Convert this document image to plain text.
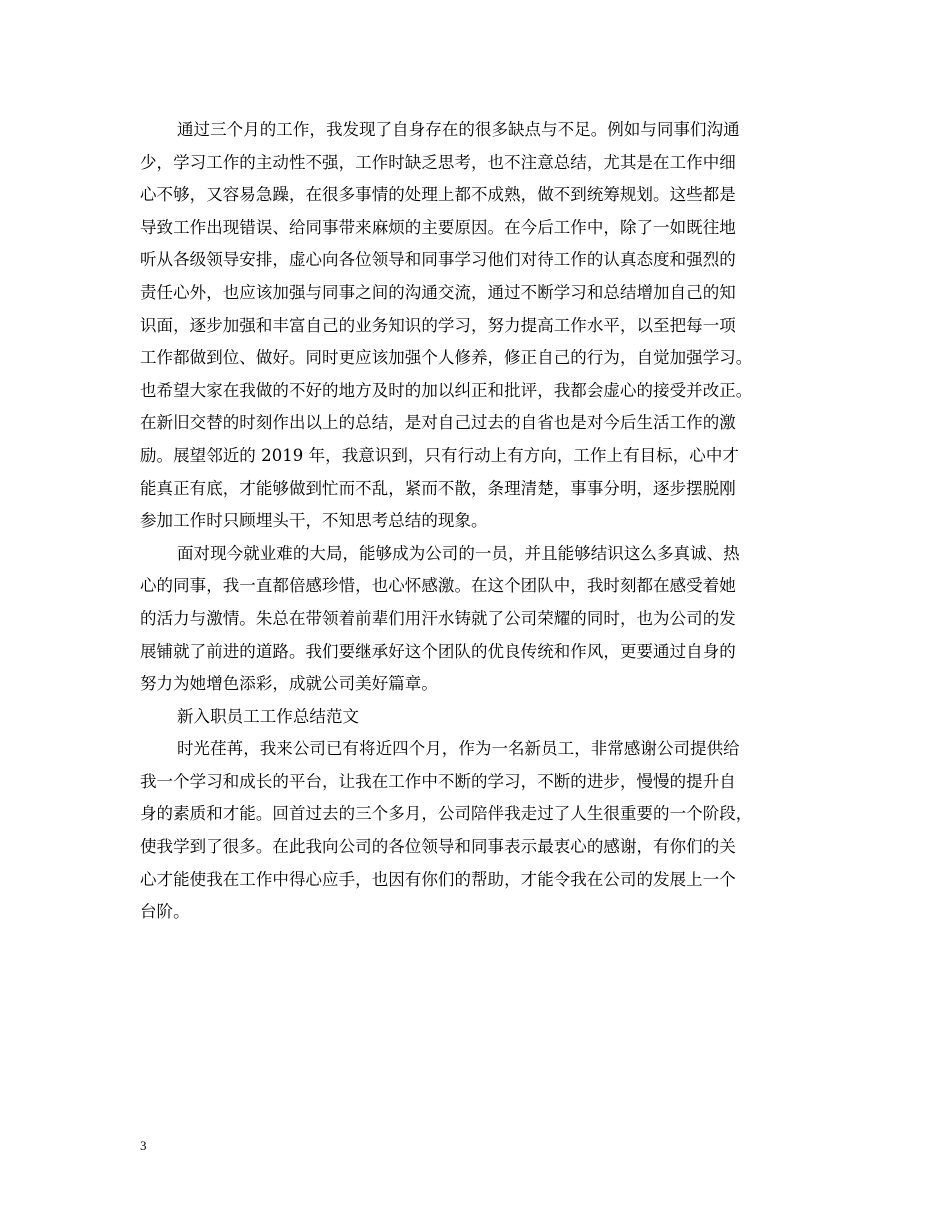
通过三个月的工作，我发现了自身存在的很多缺点与不足。例如与同事们沟通
少，学习工作的主动性不强，工作时缺乏思考，也不注意总结，尤其是在工作中细
心不够，又容易急躁，在很多事情的处理上都不成熟，做不到统筹规划。这些都是
导致工作出现错误、给同事带来麻烦的主要原因。在今后工作中，除了一如既往地
听从各级领导安排，虚心向各位领导和同事学习他们对待工作的认真态度和强烈的
责任心外，也应该加强与同事之间的沟通交流，通过不断学习和总结增加自己的知
识面，逐步加强和丰富自己的业务知识的学习，努力提高工作水平，以至把每一项
工作都做到位、做好。同时更应该加强个人修养，修正自己的行为，自觉加强学习。
也希望大家在我做的不好的地方及时的加以纠正和批评，我都会虚心的接受并改正。
在新旧交替的时刻作出以上的总结，是对自己过去的自省也是对今后生活工作的激
励。展望邻近的 2019 年，我意识到，只有行动上有方向，工作上有目标，心中才
能真正有底，才能够做到忙而不乱，紧而不散，条理清楚，事事分明，逐步摆脱刚
参加工作时只顾埋头干，不知思考总结的现象。
面对现今就业难的大局，能够成为公司的一员，并且能够结识这么多真诚、热
心的同事，我一直都倍感珍惜，也心怀感激。在这个团队中，我时刻都在感受着她
的活力与激情。朱总在带领着前辈们用汗水铸就了公司荣耀的同时，也为公司的发
展铺就了前进的道路。我们要继承好这个团队的优良传统和作风，更要通过自身的
努力为她增色添彩，成就公司美好篇章。
新入职员工工作总结范文
时光荏苒，我来公司已有将近四个月，作为一名新员工，非常感谢公司提供给
我一个学习和成长的平台，让我在工作中不断的学习，不断的进步，慢慢的提升自
身的素质和才能。回首过去的三个多月，公司陪伴我走过了人生很重要的一个阶段，
使我学到了很多。在此我向公司的各位领导和同事表示最衷心的感谢，有你们的关
心才能使我在工作中得心应手，也因有你们的帮助，才能令我在公司的发展上一个
台阶。
3
